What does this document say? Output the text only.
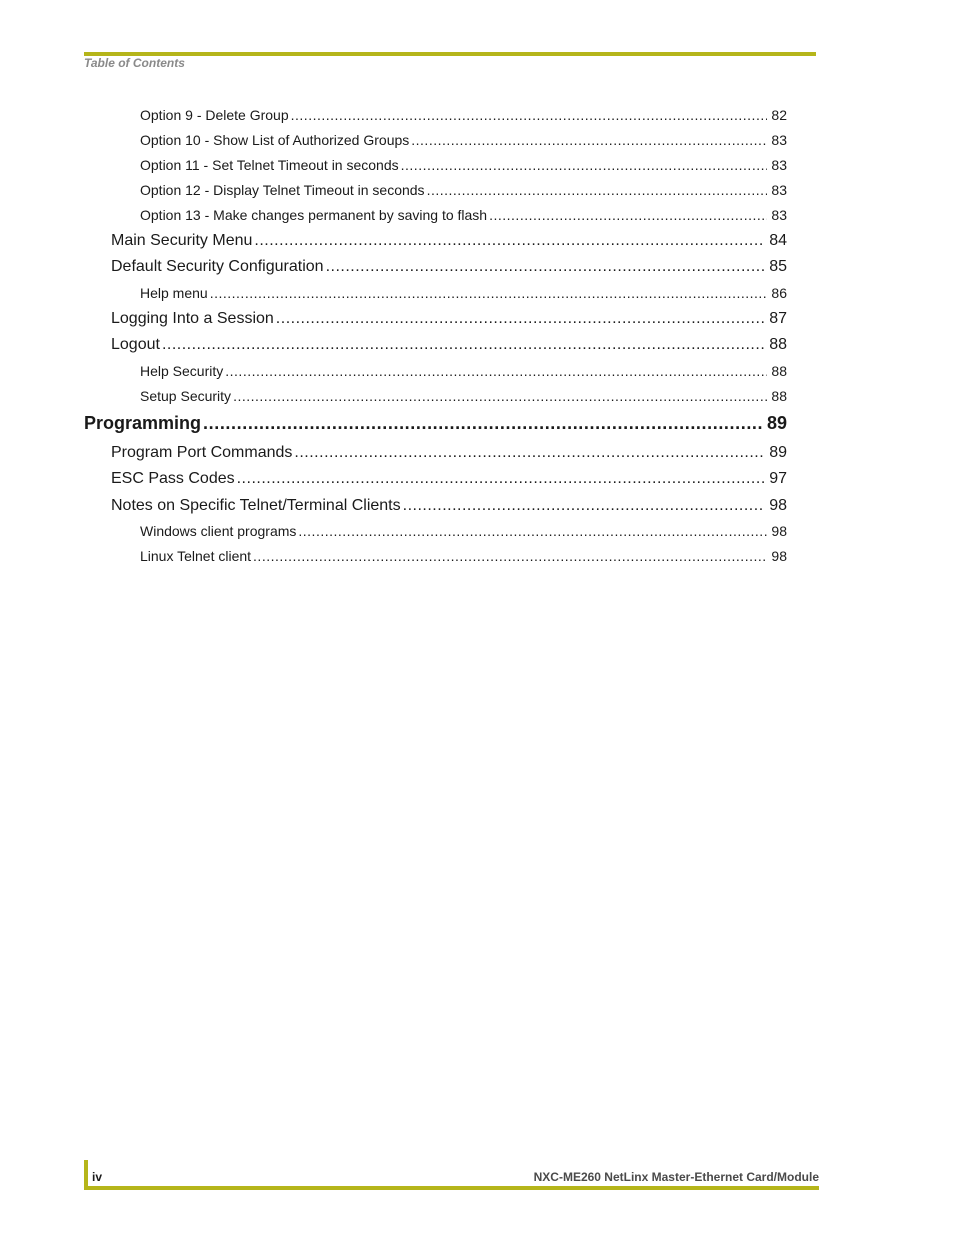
Table of Contents
Option 9 - Delete Group .....	82
Option 10 - Show List of Authorized Groups .....	83
Option 11 - Set Telnet Timeout in seconds .....	83
Option 12 - Display Telnet Timeout in seconds .....	83
Option 13 - Make changes permanent by saving to flash .....	83
Main Security Menu .....	84
Default Security Configuration .....	85
Help menu .....	86
Logging Into a Session .....	87
Logout .....	88
Help Security .....	88
Setup Security .....	88
Programming .....	89
Program Port Commands .....	89
ESC Pass Codes .....	97
Notes on Specific Telnet/Terminal Clients .....	98
Windows client programs .....	98
Linux Telnet client .....	98
iv	NXC-ME260 NetLinx Master-Ethernet Card/Module
